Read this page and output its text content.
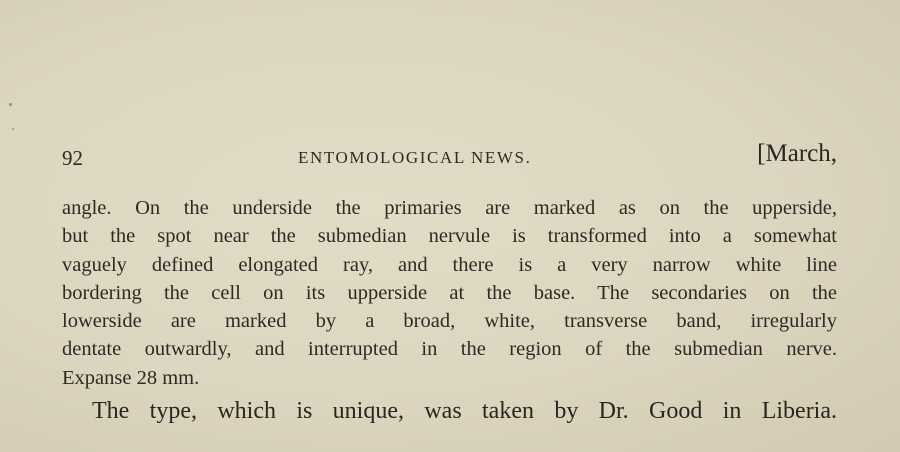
92	ENTOMOLOGICAL NEWS.	[March,
angle. On the underside the primaries are marked as on the upperside,
but the spot near the submedian nervule is transformed into a somewhat
vaguely defined elongated ray, and there is a very narrow white line
bordering the cell on its upperside at the base. The secondaries on the
lowerside are marked by a broad, white, transverse band, irregularly
dentate outwardly, and interrupted in the region of the submedian nerve.
Expanse 28 mm.
The type, which is unique, was taken by Dr. Good in Liberia.
